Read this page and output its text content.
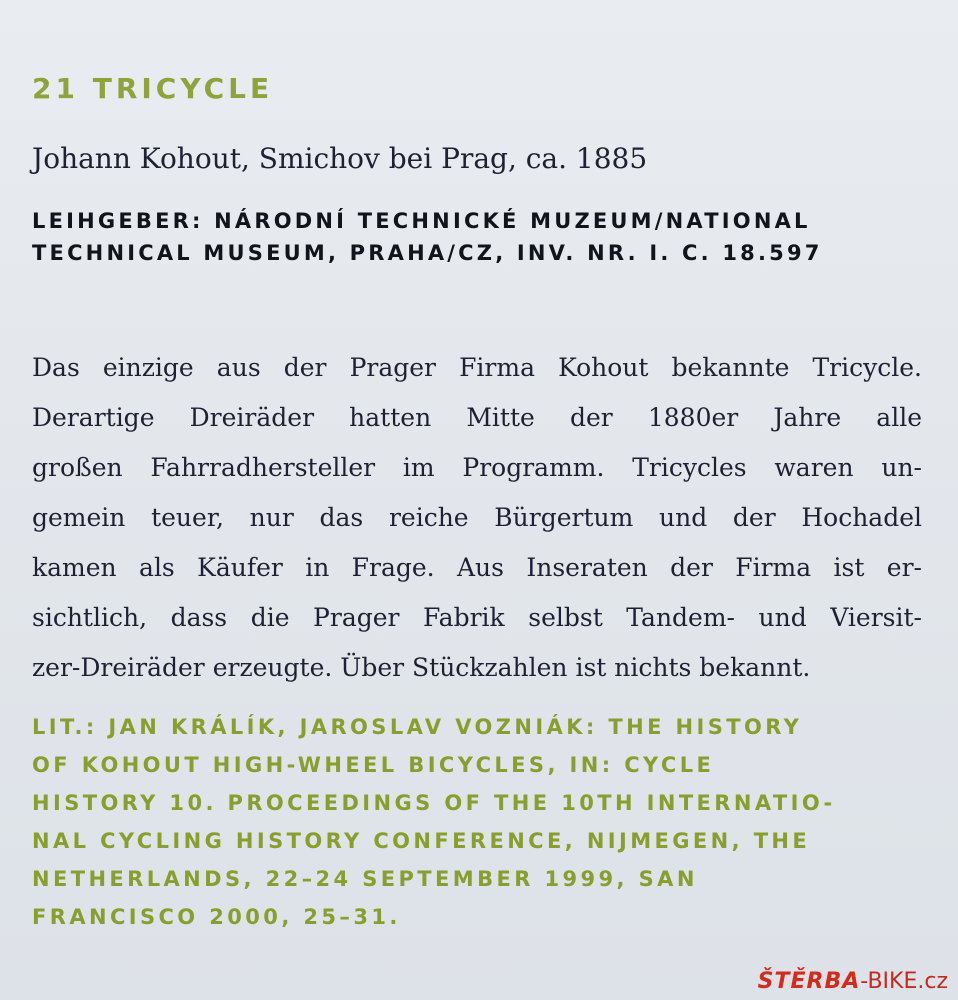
21 TRICYCLE
Johann Kohout, Smichov bei Prag, ca. 1885
LEIHGEBER: NÁRODNÍ TECHNICKÉ MUZEUM/NATIONAL
TECHNICAL MUSEUM, PRAHA/CZ, INV. NR. I. C. 18.597
Das einzige aus der Prager Firma Kohout bekannte Tricycle.
Derartige Dreiräder hatten Mitte der 1880er Jahre alle
großen Fahrradhersteller im Programm. Tricycles waren un-
gemein teuer, nur das reiche Bürgertum und der Hochadel
kamen als Käufer in Frage. Aus Inseraten der Firma ist er-
sichtlich, dass die Prager Fabrik selbst Tandem- und Viersit-
zer-Dreiräder erzeugte. Über Stückzahlen ist nichts bekannt.
LIT.: JAN KRÁLÍK, JAROSLAV VOZNIÁK: THE HISTORY
OF KOHOUT HIGH-WHEEL BICYCLES, IN: CYCLE
HISTORY 10. PROCEEDINGS OF THE 10TH INTERNATIO-
NAL CYCLING HISTORY CONFERENCE, NIJMEGEN, THE
NETHERLANDS, 22–24 SEPTEMBER 1999, SAN
FRANCISCO 2000, 25–31.
ŠTĚRBA-BIKE.cz
